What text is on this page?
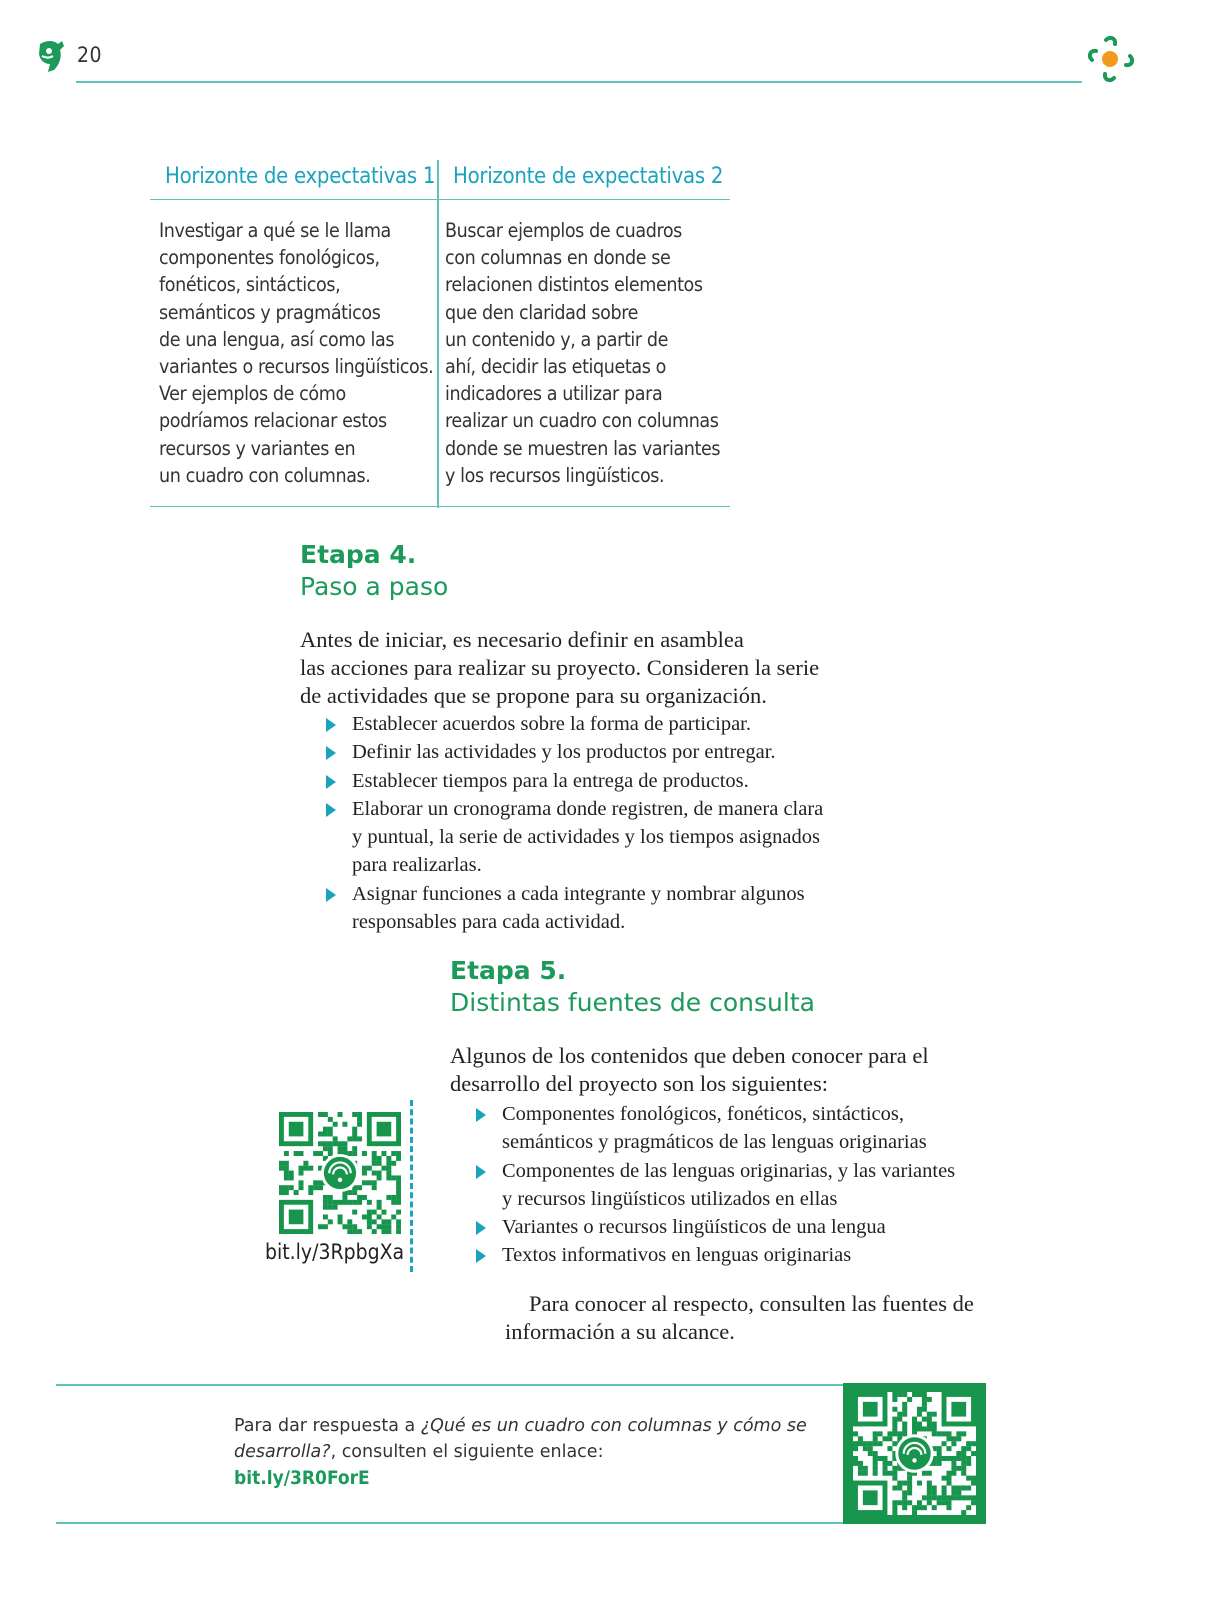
20
Horizonte de expectativas 1 Horizonte de expectativas 2
Investigar a qué se le llama
componentes fonológicos,
fonéticos, sintácticos,
semánticos y pragmáticos
de una lengua, así como las
variantes o recursos lingüísticos.
Ver ejemplos de cómo
podríamos relacionar estos
recursos y variantes en
un cuadro con columnas.
Buscar ejemplos de cuadros
con columnas en donde se
relacionen distintos elementos
que den claridad sobre
un contenido y, a partir de
ahí, decidir las etiquetas o
indicadores a utilizar para
realizar un cuadro con columnas
donde se muestren las variantes
y los recursos lingüísticos.
Etapa 4.
Paso a paso
Antes de iniciar, es necesario definir en asamblea
las acciones para realizar su proyecto. Consideren la serie
de actividades que se propone para su organización.
Establecer acuerdos sobre la forma de participar.
Definir las actividades y los productos por entregar.
Establecer tiempos para la entrega de productos.
Elaborar un cronograma donde registren, de manera clara
y puntual, la serie de actividades y los tiempos asignados
para realizarlas.
Asignar funciones a cada integrante y nombrar algunos
responsables para cada actividad.
Etapa 5.
Distintas fuentes de consulta
Algunos de los contenidos que deben conocer para el
desarrollo del proyecto son los siguientes:
Componentes fonológicos, fonéticos, sintácticos,
semánticos y pragmáticos de las lenguas originarias
Componentes de las lenguas originarias, y las variantes
y recursos lingüísticos utilizados en ellas
Variantes o recursos lingüísticos de una lengua
Textos informativos en lenguas originarias
Para conocer al respecto, consulten las fuentes de
información a su alcance.
bit.ly/3RpbgXa
Para dar respuesta a ¿Qué es un cuadro con columnas y cómo se desarrolla?, consulten el siguiente enlace:
bit.ly/3R0ForE
